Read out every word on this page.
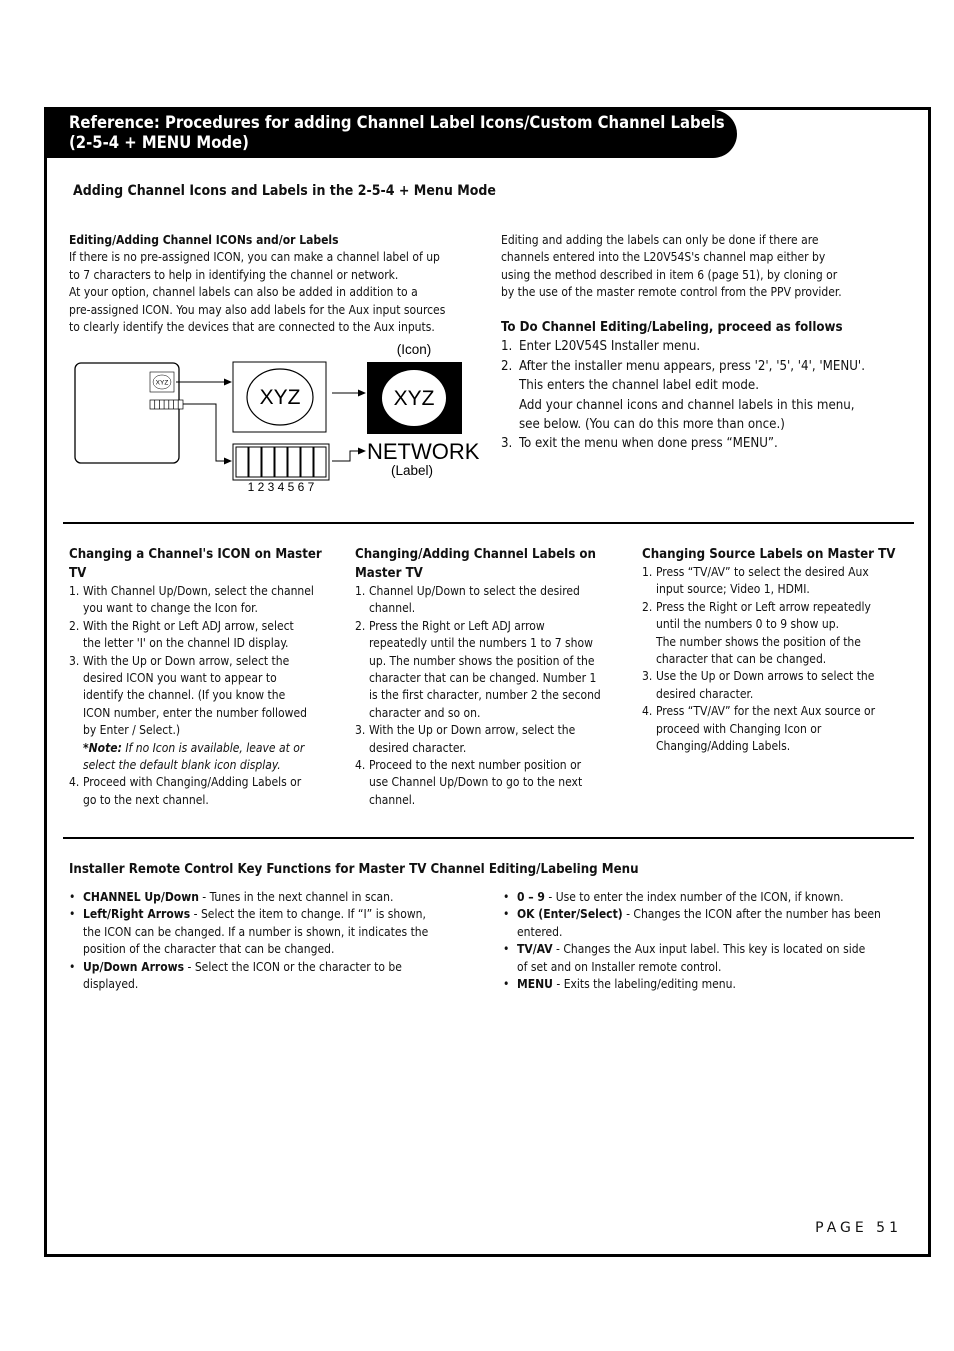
Reference: Procedures for adding Channel Label Icons/Custom Channel Labels
(2-5-4 + MENU Mode)
Adding Channel Icons and Labels in the 2-5-4 + Menu Mode
Editing/Adding Channel ICONs and/or Labels
If there is no pre-assigned ICON, you can make a channel label of up
to 7 characters to help in identifying the channel or network.
At your option, channel labels can also be added in addition to a
pre-assigned ICON. You may also add labels for the Aux input sources
to clearly identify the devices that are connected to the Aux inputs.
Editing and adding the labels can only be done if there are
channels entered into the L20V54S's channel map either by
using the method described in item 6 (page 51), by cloning or
by the use of the master remote control from the PPV provider.
To Do Channel Editing/Labeling, proceed as follows
1. Enter L20V54S Installer menu.
2. After the installer menu appears, press '2', '5', '4', 'MENU'.
This enters the channel label edit mode.
Add your channel icons and channel labels in this menu,
see below. (You can do this more than once.)
3. To exit the menu when done press “MENU”.
XYZ
XYZ
(Icon)
XYZ
1 2 3 4 5 6 7
NETWORK
(Label)
Changing a Channel's ICON on Master
TV
1. With Channel Up/Down, select the channel
you want to change the Icon for.
2. With the Right or Left ADJ arrow, select
the letter 'I' on the channel ID display.
3. With the Up or Down arrow, select the
desired ICON you want to appear to
identify the channel. (If you know the
ICON number, enter the number followed
by Enter / Select.)
*Note: If no Icon is available, leave at or
select the default blank icon display.
4. Proceed with Changing/Adding Labels or
go to the next channel.
Changing/Adding Channel Labels on
Master TV
1. Channel Up/Down to select the desired
channel.
2. Press the Right or Left ADJ arrow
repeatedly until the numbers 1 to 7 show
up. The number shows the position of the
character that can be changed. Number 1
is the first character, number 2 the second
character and so on.
3. With the Up or Down arrow, select the
desired character.
4. Proceed to the next number position or
use Channel Up/Down to go to the next
channel.
Changing Source Labels on Master TV
1. Press “TV/AV” to select the desired Aux
input source; Video 1, HDMI.
2. Press the Right or Left arrow repeatedly
until the numbers 0 to 9 show up.
The number shows the position of the
character that can be changed.
3. Use the Up or Down arrows to select the
desired character.
4. Press “TV/AV” for the next Aux source or
proceed with Changing Icon or
Changing/Adding Labels.
Installer Remote Control Key Functions for Master TV Channel Editing/Labeling Menu
• CHANNEL Up/Down - Tunes in the next channel in scan.
• Left/Right Arrows - Select the item to change. If “I” is shown,
the ICON can be changed. If a number is shown, it indicates the
position of the character that can be changed.
• Up/Down Arrows - Select the ICON or the character to be
displayed.
• 0 – 9 - Use to enter the index number of the ICON, if known.
• OK (Enter/Select) - Changes the ICON after the number has been
entered.
• TV/AV - Changes the Aux input label. This key is located on side
of set and on Installer remote control.
• MENU - Exits the labeling/editing menu.
PAGE 51
